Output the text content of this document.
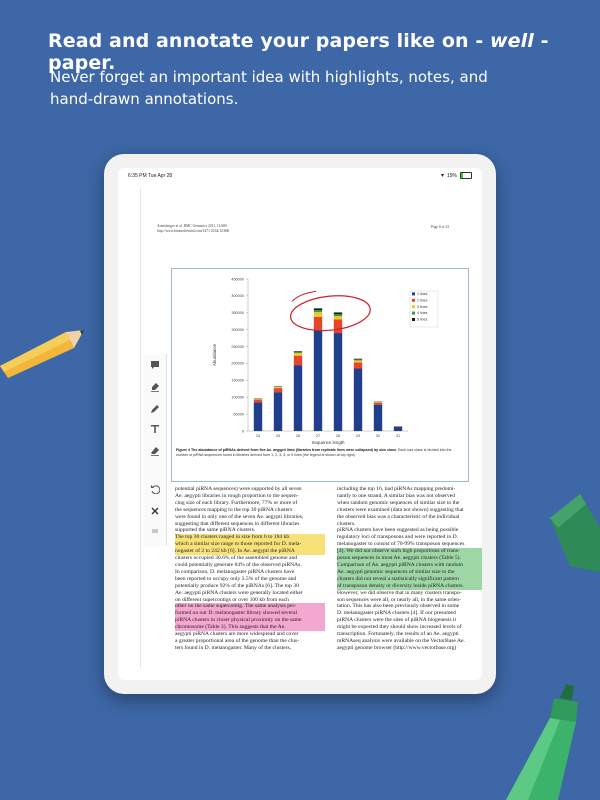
Read and annotate your papers like on - well - paper.
Never forget an important idea with highlights, notes, and
hand-drawn annotations.
6:35 PM Tue Apr 28	▾ 19%
Arensburger et al. BMC Genomics 2011, 12:606
http://www.biomedcentral.com/1471-2164/12/606
Page 8 of 23
0
50000
100000
150000
200000
250000
300000
350000
400000
450000
24	25	26	27	28	29	30	31
Sequence length
Abundance
1 lines
2 lines
3 lines
4 lines
5 lines
Figure 4 The abundance of piRNAs derived from five Ae. aegypti lines (libraries from replicate lines were collapsed) by size class. Each size class is divided into the number of piRNA sequences found in libraries derived from 1, 2, 3, 4, or 5 lines (the legend is shown at top right).
potential piRNA sequences) were supported by all seven
Ae. aegypti libraries in rough proportion to the sequen-
cing size of each library. Furthermore, 77% or more of
the sequences mapping to the top 30 piRNA clusters
were found in only one of the seven Ae. aegypti libraries,
suggesting that different sequences in different libraries
supported the same piRNA clusters.
The top 30 clusters ranged in size from 6 to 184 kb
which a similar size range to those reported for D. mela-
nogaster of 2 to 242 kb [6]. In Ae. aegypti the piRNA
clusters occupied 30.6% of the assembled genome and
could potentially generate 84% of the observed piRNAs.
In comparison, D. melanogaster piRNA clusters have
been reported to occupy only 3.5% of the genome and
potentially produce 92% of the piRNAs [6]. The top 30
Ae. aegypti piRNA clusters were generally located either
on different supercontigs or over 100 kb from each
other on the same supercontig. The same analysis per-
formed on our D. melanogaster library showed several
piRNA clusters in closer physical proximity on the same
chromosome (Table 3). This suggests that the Ae.
aegypti piRNA clusters are more widespread and cover
a greater proportional area of the genome than the clus-
ters found in D. melanogaster. Many of the clusters,
including the top 16, had piRNAs mapping predomi-
nantly to one strand. A similar bias was not observed
when random genomic sequences of similar size to the
clusters were examined (data not shown) suggesting that
the observed bias was a characteristic of the individual
clusters.
piRNA clusters have been suggested as being possible
regulatory loci of transposons and were reported in D.
melanogaster to consist of 70-99% transposon sequences
[4]. We did not observe such high proportions of trans-
poson sequences in most Ae. aegypti clusters (Table 5).
Comparison of Ae. aegypti piRNA clusters with random
Ae. aegypti genomic sequences of similar size to the
clusters did not reveal a statistically significant pattern
of transposon density or diversity inside piRNA clusters.
However, we did observe that in many clusters transpo-
son sequences were all, or nearly all, in the same orien-
tation. This has also been previously observed in some
D. melanogaster piRNA clusters [4]. If our presumed
piRNA clusters were the sites of piRNA biogenesis it
might be expected they should show increased levels of
transcription. Fortunately, the results of an Ae. aegypti
mRNAseq analysis were available on the VectorBase Ae.
aegypti genome browser (http://www.vectorbase.org)
